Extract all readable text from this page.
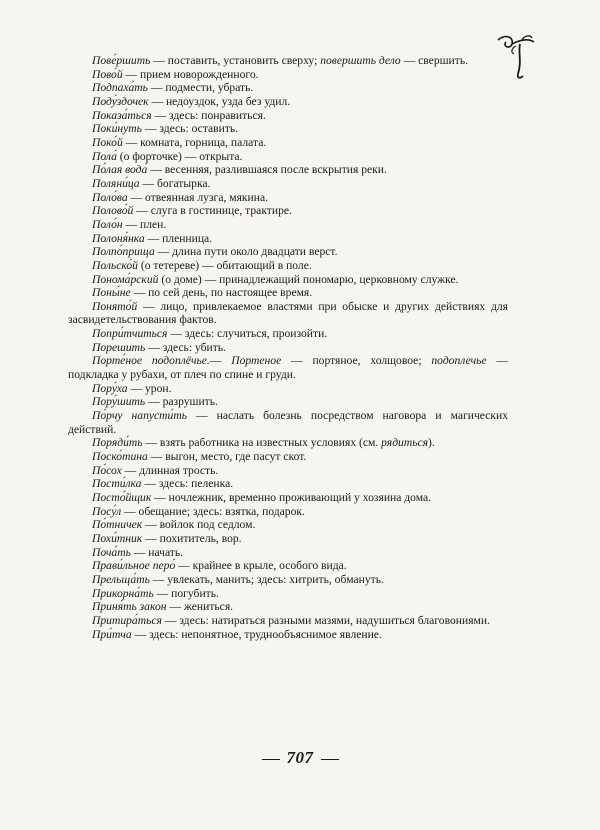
Пове́ршить — поставить, установить сверху; повершить дело — свершить.

Пово́й — прием новорожденного.

Подпаха́ть — подмести, убрать.

Поду́здочек — недоуздок, узда без удил.

Показа́ться — здесь: понравиться.

Поки́нуть — здесь: оставить.

Поко́й — комната, горница, палата.

Пола́ (о форточке) — открыта.

По́лая вода́ — весенняя, разлившаяся после вскрытия реки.

Поляни́ца — богатырка.

Поло́ва — отвеянная лузга, мякина.

Полово́й — слуга в гостинице, трактире.

Поло́н — плен.

Полоня́нка — пленница.

Полпо́прища — длина пути около двадцати верст.

Польско́й (о тетереве) — обитающий в поле.

Понома́рский (о доме) — принадлежащий пономарю, церковному служке.

Поны́не — по сей день, по настоящее время.

Понято́й — лицо, привлекаемое властями при обыске и других действиях для засвидетельствования фактов.

Попри́тчиться — здесь: случиться, произойти.

Порешить — здесь: убить.

Порте́ное подоплёчье.— Портеное — портяное, холщовое; подоплечье — подкладка у рубахи, от плеч по спине и груди.

Пору́ха — урон.

Пору́шить — разрушить.

По́рчу напусти́ть — наслать болезнь посредством наговора и магических действий.

Поряди́ть — взять работника на известных условиях (см. рядиться).

Поско́тина — выгон, место, где пасут скот.

По́сох — длинная трость.

Пости́лка — здесь: пеленка.

Посто́йщик — ночлежник, временно проживающий у хозяина дома.

Посу́л — обещание; здесь: взятка, подарок.

По́тничек — войлок под седлом.

Похи́тник — похититель, вор.

Поча́ть — начать.

Прави́льное перо́ — крайнее в крыле, особого вида.

Прельща́ть — увлекать, манить; здесь: хитрить, обмануть.

Прикорна́ть — погубить.

Приня́ть закон — жениться.

Притира́ться — здесь: натираться разными мазями, надушиться благовониями.

При́тча — здесь: непонятное, труднообъяснимое явление.

707
